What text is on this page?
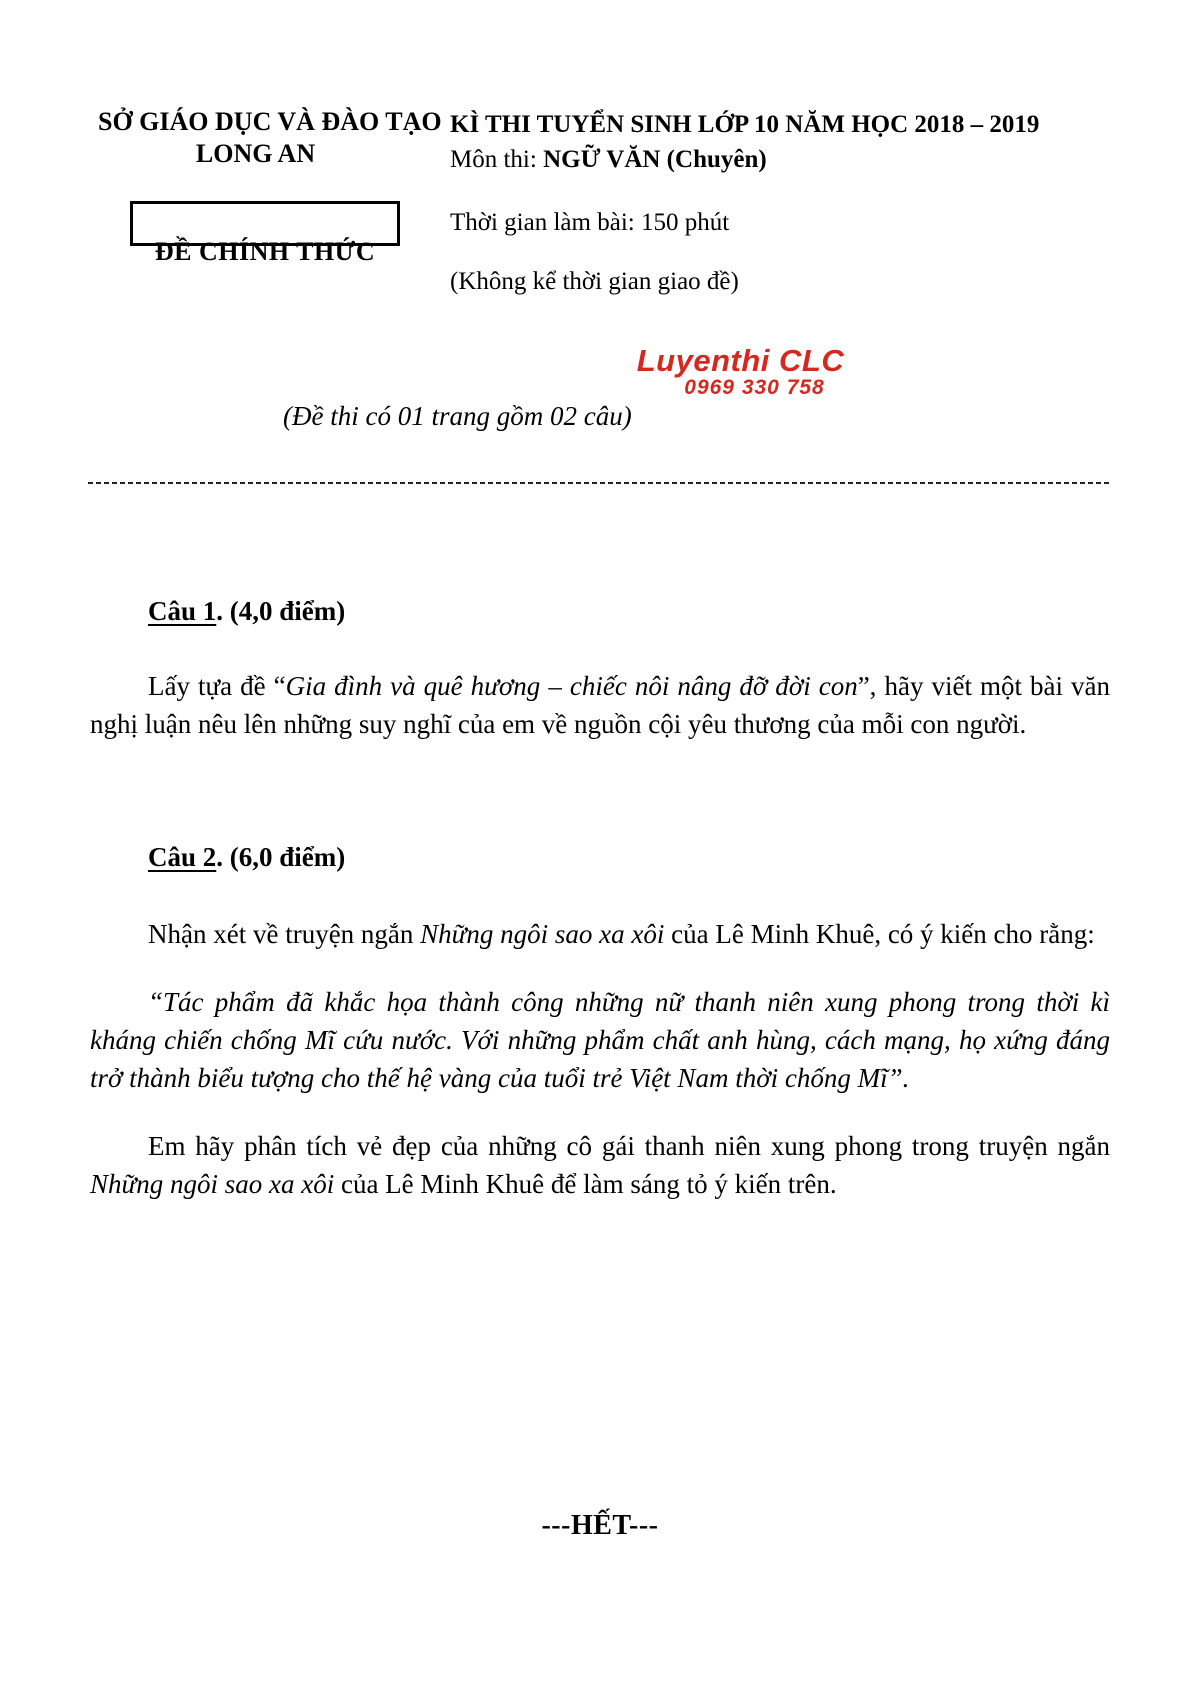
SỞ GIÁO DỤC VÀ ĐÀO TẠO
LONG AN
ĐỀ CHÍNH THỨC
KÌ THI TUYỂN SINH LỚP 10 NĂM HỌC 2018 – 2019
Môn thi: NGỮ VĂN (Chuyên)
Thời gian làm bài: 150 phút
(Không kể thời gian giao đề)
(Đề thi có 01 trang gồm 02 câu)
Luyenthi CLC
0969 330 758

Câu 1. (4,0 điểm)

Lấy tựa đề “Gia đình và quê hương – chiếc nôi nâng đỡ đời con”, hãy viết một bài văn nghị luận nêu lên những suy nghĩ của em về nguồn cội yêu thương của mỗi con người.

Câu 2. (6,0 điểm)

Nhận xét về truyện ngắn Những ngôi sao xa xôi của Lê Minh Khuê, có ý kiến cho rằng:

“Tác phẩm đã khắc họa thành công những nữ thanh niên xung phong trong thời kì kháng chiến chống Mĩ cứu nước. Với những phẩm chất anh hùng, cách mạng, họ xứng đáng trở thành biểu tượng cho thế hệ vàng của tuổi trẻ Việt Nam thời chống Mĩ”.

Em hãy phân tích vẻ đẹp của những cô gái thanh niên xung phong trong truyện ngắn Những ngôi sao xa xôi của Lê Minh Khuê để làm sáng tỏ ý kiến trên.

---HẾT---
